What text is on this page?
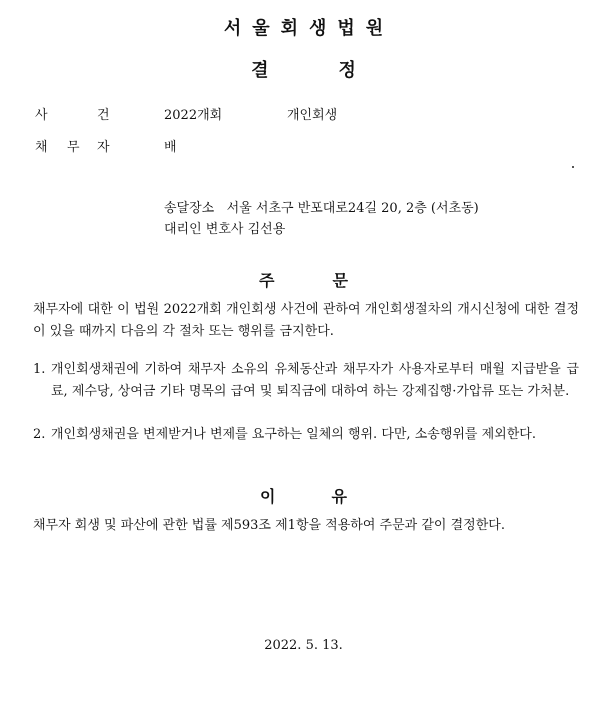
서울회생법원
결정
사	건	2022개회	개인회생
채 무 자	배
송달장소 서울 서초구 반포대로24길 20, 2층 (서초동)
대리인 변호사 김선용
주	문
채무자에 대한 이 법원 2022개회 개인회생 사건에 관하여 개인회생절차의 개시신청에 대한 결정이 있을 때까지 다음의 각 절차 또는 행위를 금지한다.
1. 개인회생채권에 기하여 채무자 소유의 유체동산과 채무자가 사용자로부터 매월 지급받을 급료, 제수당, 상여금 기타 명목의 급여 및 퇴직금에 대하여 하는 강제집행·가압류 또는 가처분.
2. 개인회생채권을 변제받거나 변제를 요구하는 일체의 행위. 다만, 소송행위를 제외한다.
이	유
채무자 회생 및 파산에 관한 법률 제593조 제1항을 적용하여 주문과 같이 결정한다.
2022. 5. 13.
